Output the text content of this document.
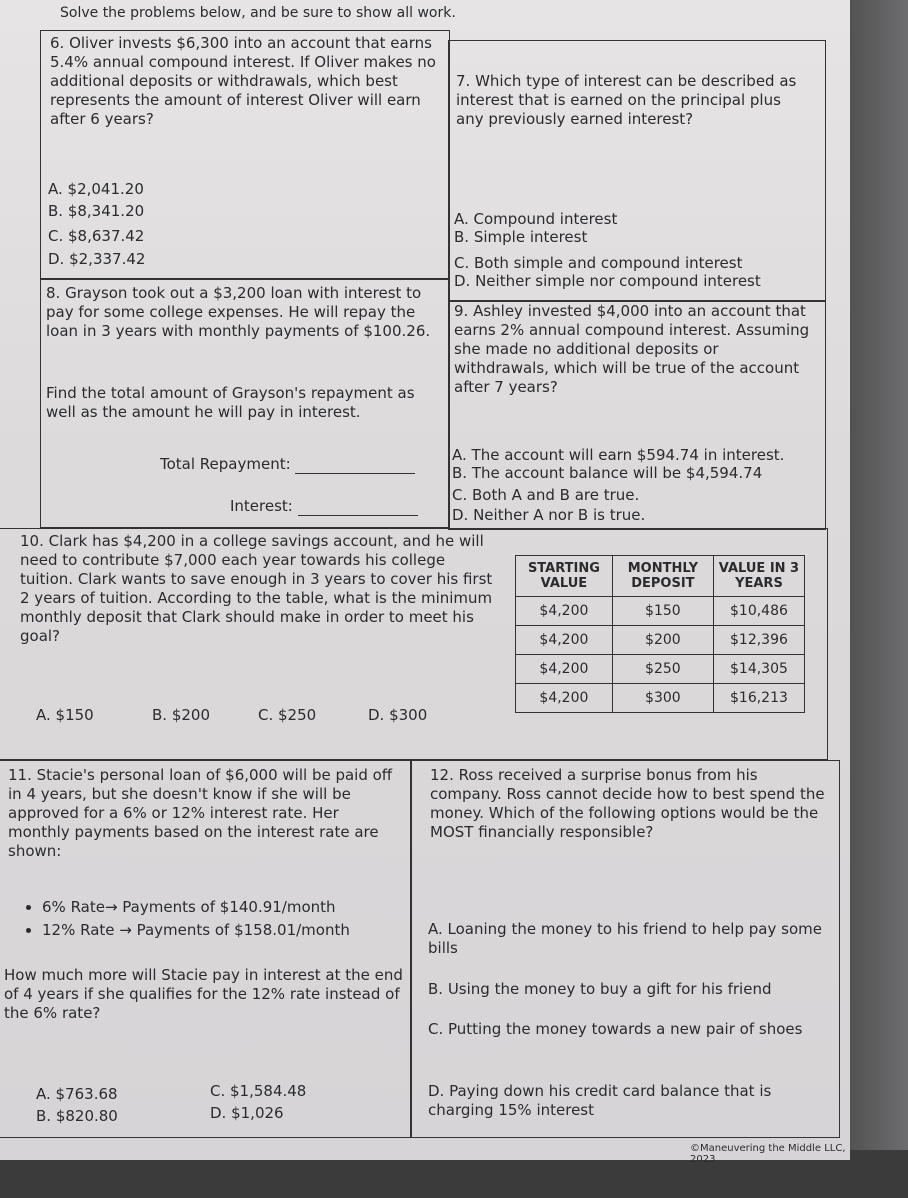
Solve the problems below, and be sure to show all work.

6. Oliver invests $6,300 into an account that earns 5.4% annual compound interest. If Oliver makes no additional deposits or withdrawals, which best represents the amount of interest Oliver will earn after 6 years?

A. $2,041.20
B. $8,341.20
C. $8,637.42
D. $2,337.42

7. Which type of interest can be described as interest that is earned on the principal plus any previously earned interest?

A. Compound interest
B. Simple interest
C. Both simple and compound interest
D. Neither simple nor compound interest

8. Grayson took out a $3,200 loan with interest to pay for some college expenses. He will repay the loan in 3 years with monthly payments of $100.26.

Find the total amount of Grayson's repayment as well as the amount he will pay in interest.

Total Repayment:
Interest:

9. Ashley invested $4,000 into an account that earns 2% annual compound interest. Assuming she made no additional deposits or withdrawals, which will be true of the account after 7 years?

A. The account will earn $594.74 in interest.
B. The account balance will be $4,594.74
C. Both A and B are true.
D. Neither A nor B is true.

10. Clark has $4,200 in a college savings account, and he will need to contribute $7,000 each year towards his college tuition. Clark wants to save enough in 3 years to cover his first 2 years of tuition. According to the table, what is the minimum monthly deposit that Clark should make in order to meet his goal?

STARTING VALUE	MONTHLY DEPOSIT	VALUE IN 3 YEARS
$4,200	$150	$10,486
$4,200	$200	$12,396
$4,200	$250	$14,305
$4,200	$300	$16,213
A. $150	B. $200	C. $250	D. $300

11. Stacie's personal loan of $6,000 will be paid off in 4 years, but she doesn't know if she will be approved for a 6% or 12% interest rate. Her monthly payments based on the interest rate are shown:

• 6% Rate→ Payments of $140.91/month
• 12% Rate → Payments of $158.01/month

How much more will Stacie pay in interest at the end of 4 years if she qualifies for the 12% rate instead of the 6% rate?

A. $763.68
B. $820.80
C. $1,584.48
D. $1,026

12. Ross received a surprise bonus from his company. Ross cannot decide how to best spend the money. Which of the following options would be the MOST financially responsible?

A. Loaning the money to his friend to help pay some bills
B. Using the money to buy a gift for his friend
C. Putting the money towards a new pair of shoes
D. Paying down his credit card balance that is charging 15% interest
©Maneuvering the Middle LLC, 2023
